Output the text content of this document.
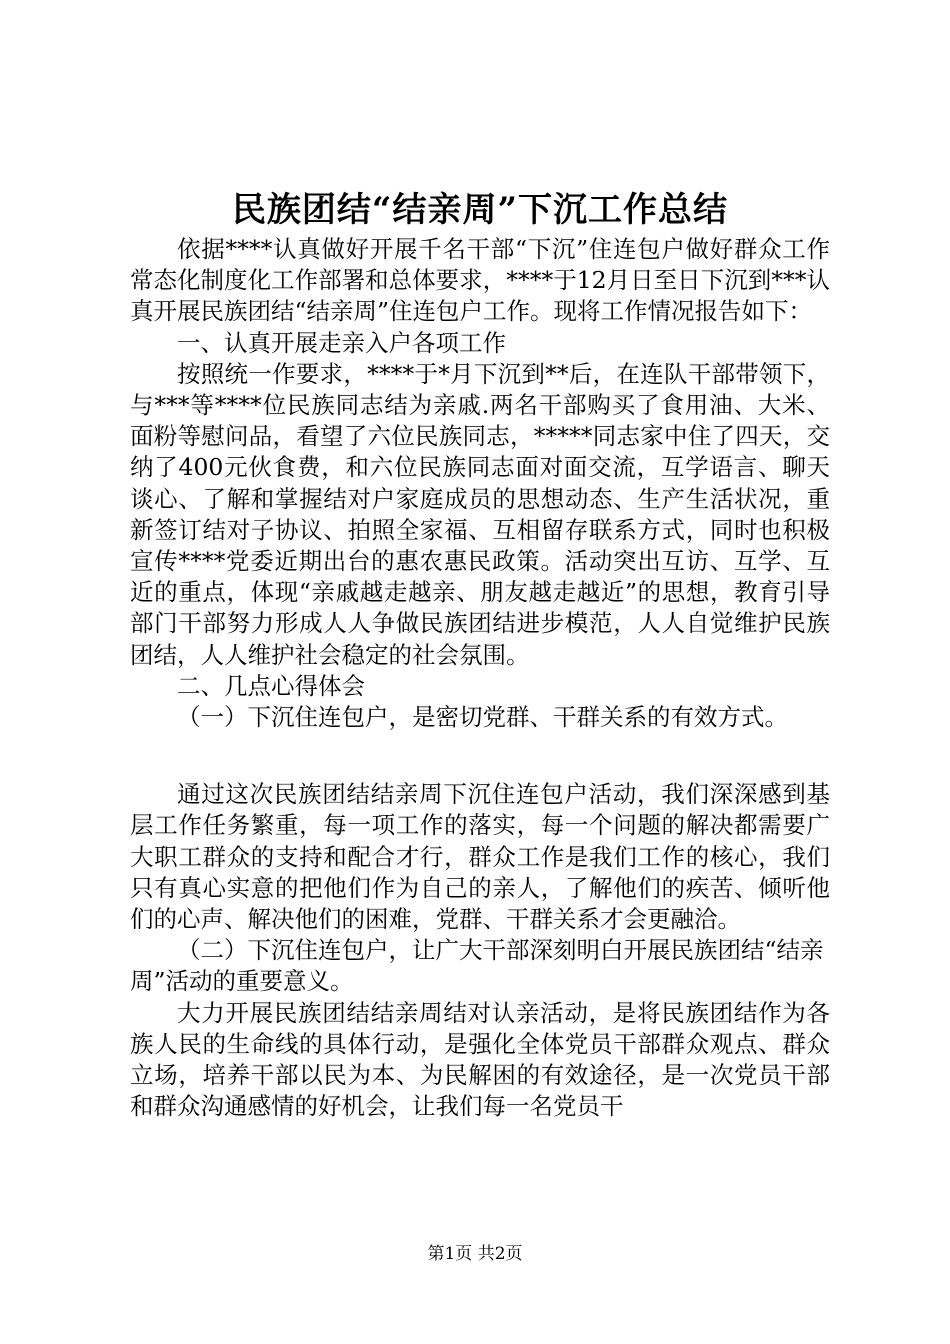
民族团结“结亲周”下沉工作总结

依据****认真做好开展千名干部“下沉”住连包户做好群众工作常态化制度化工作部署和总体要求，****于12月日至日下沉到***认真开展民族团结“结亲周”住连包户工作。现将工作情况报告如下：

一、认真开展走亲入户各项工作

按照统一作要求，****于*月下沉到**后，在连队干部带领下，与***等****位民族同志结为亲戚.两名干部购买了食用油、大米、面粉等慰问品，看望了六位民族同志，*****同志家中住了四天，交纳了400元伙食费，和六位民族同志面对面交流，互学语言、聊天谈心、了解和掌握结对户家庭成员的思想动态、生产生活状况，重新签订结对子协议、拍照全家福、互相留存联系方式，同时也积极宣传****党委近期出台的惠农惠民政策。活动突出互访、互学、互近的重点，体现“亲戚越走越亲、朋友越走越近”的思想，教育引导部门干部努力形成人人争做民族团结进步模范，人人自觉维护民族团结，人人维护社会稳定的社会氛围。

二、几点心得体会

（一）下沉住连包户，是密切党群、干群关系的有效方式。

通过这次民族团结结亲周下沉住连包户活动，我们深深感到基层工作任务繁重，每一项工作的落实，每一个问题的解决都需要广大职工群众的支持和配合才行，群众工作是我们工作的核心，我们只有真心实意的把他们作为自己的亲人，了解他们的疾苦、倾听他们的心声、解决他们的困难，党群、干群关系才会更融洽。

（二）下沉住连包户，让广大干部深刻明白开展民族团结“结亲周”活动的重要意义。

大力开展民族团结结亲周结对认亲活动，是将民族团结作为各族人民的生命线的具体行动，是强化全体党员干部群众观点、群众立场，培养干部以民为本、为民解困的有效途径，是一次党员干部和群众沟通感情的好机会，让我们每一名党员干

第1页 共2页
